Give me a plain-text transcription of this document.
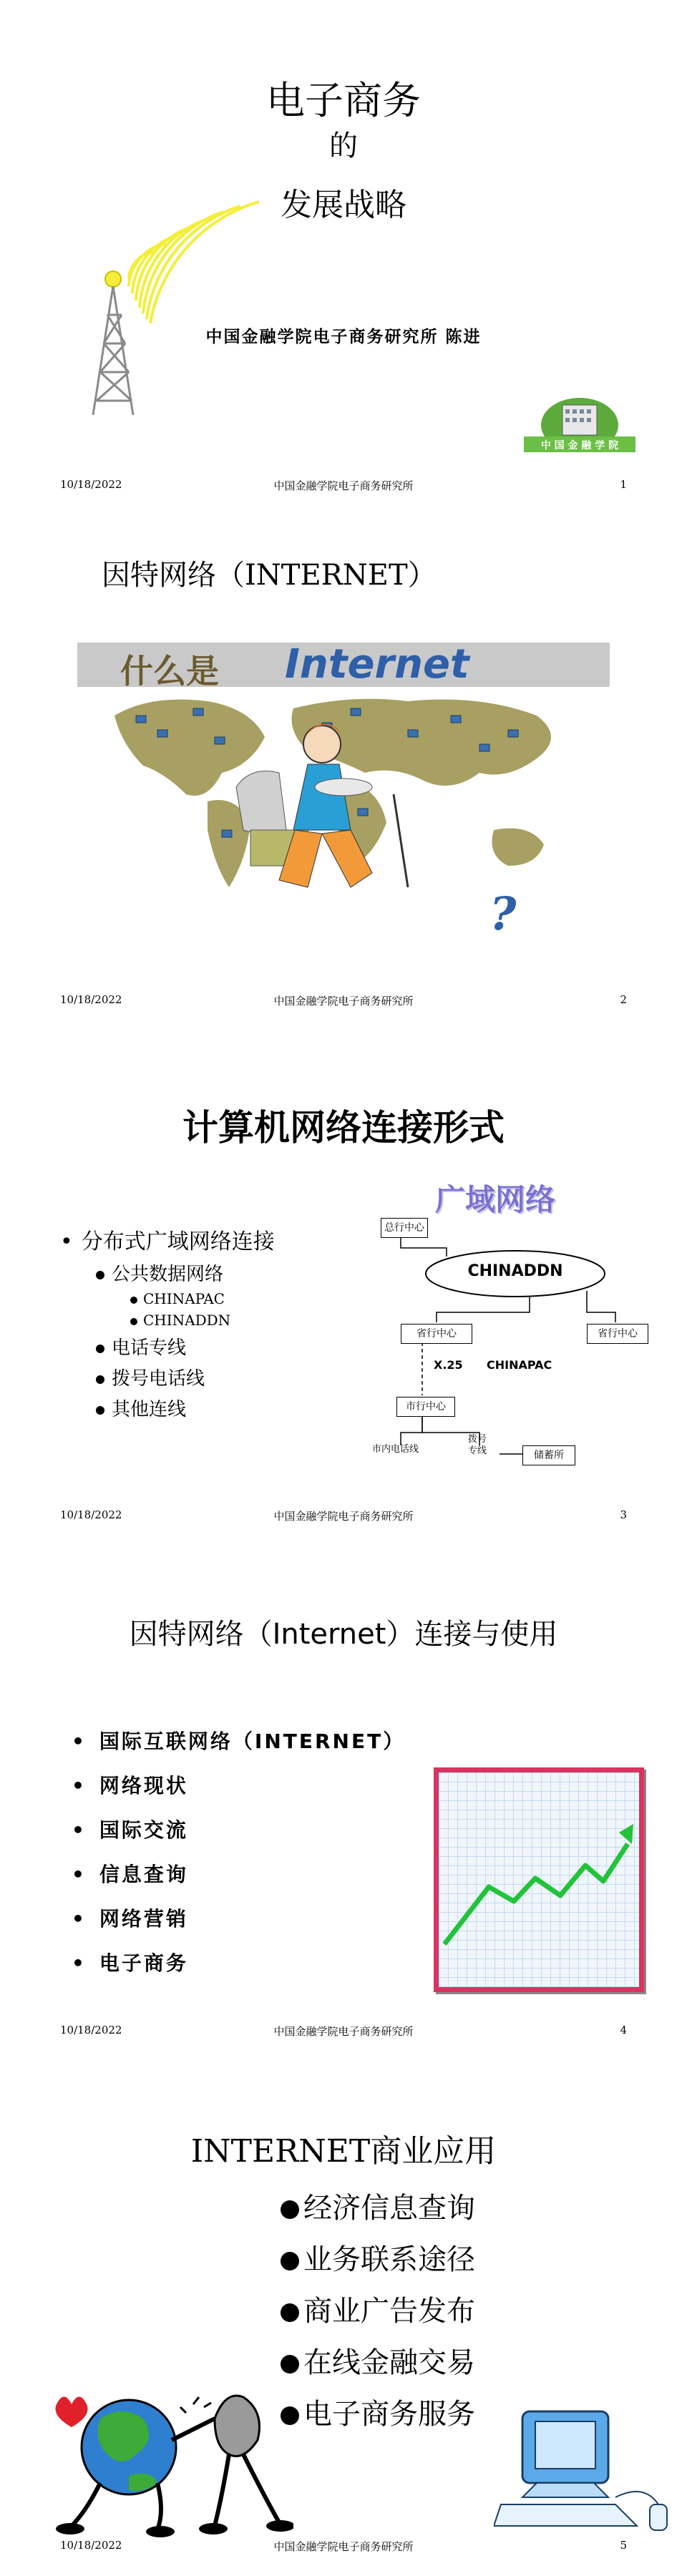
电子商务
的
发展战略
中国金融学院电子商务研究所 陈进
中 国 金 融 学 院
10/18/2022	中国金融学院电子商务研究所	1
因特网络（INTERNET）
什么是 Internet
?
10/18/2022	中国金融学院电子商务研究所	2
计算机网络连接形式
• 分布式广域网络连接
公共数据网络
CHINAPAC
CHINADDN
电话专线
拨号电话线
其他连线
广域网络
总行中心
CHINADDN
省行中心	省行中心
X.25 CHINAPAC
市行中心
市内电话线
拨号专线	储蓄所
10/18/2022	中国金融学院电子商务研究所	3
因特网络（Internet）连接与使用
• 国际互联网络（INTERNET）
• 网络现状
• 国际交流
• 信息查询
• 网络营销
• 电子商务
10/18/2022	中国金融学院电子商务研究所	4
INTERNET商业应用
经济信息查询
业务联系途径
商业广告发布
在线金融交易
电子商务服务
10/18/2022	中国金融学院电子商务研究所	5
